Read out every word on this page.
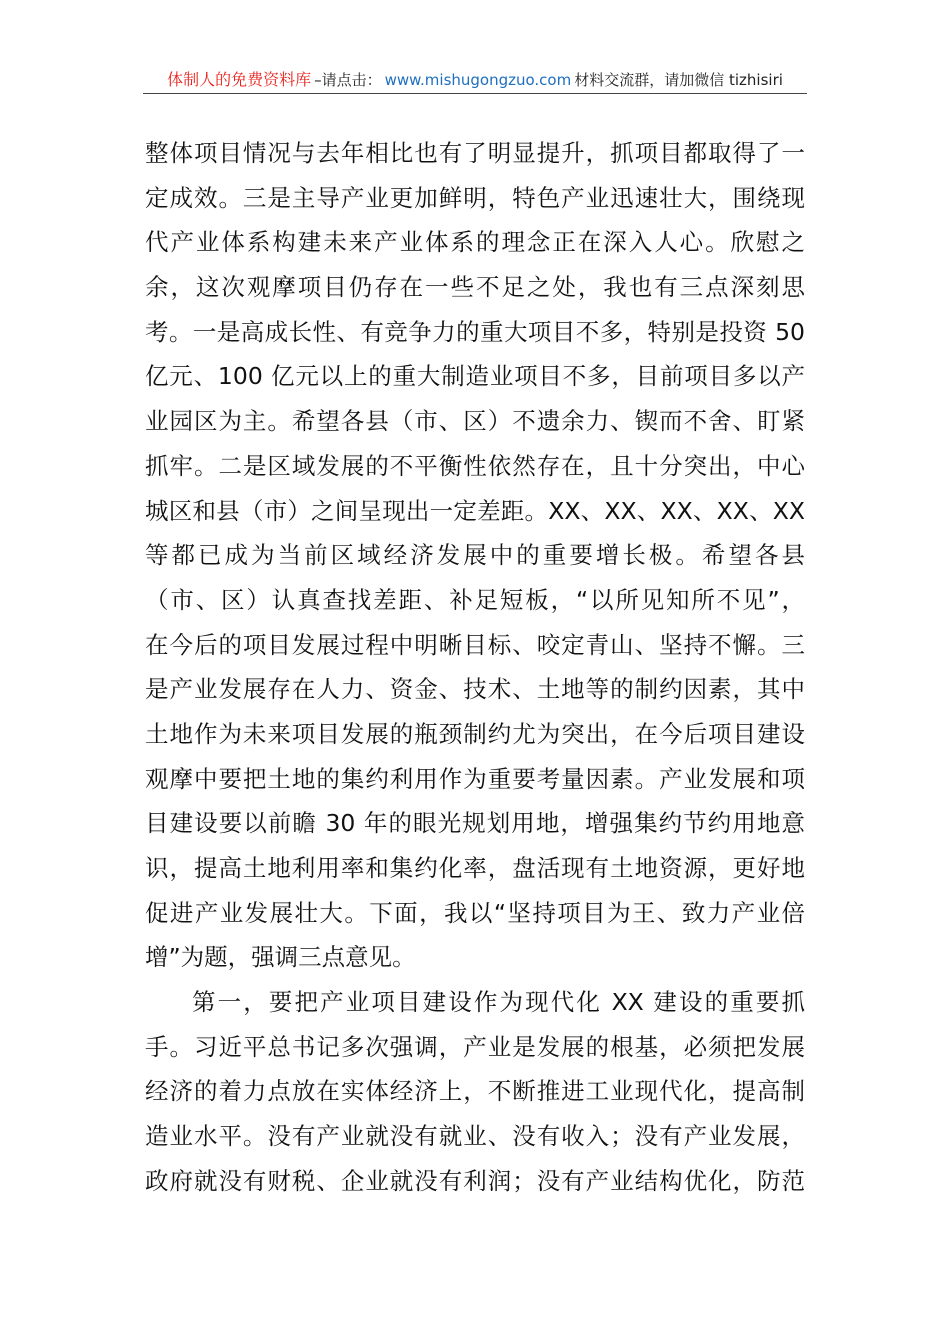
体制人的免费资料库 –请点击： www.mishugongzuo.com 材料交流群，请加微信 tizhisiri
整体项目情况与去年相比也有了明显提升，抓项目都取得了一
定成效。三是主导产业更加鲜明，特色产业迅速壮大，围绕现
代产业体系构建未来产业体系的理念正在深入人心。欣慰之
余，这次观摩项目仍存在一些不足之处，我也有三点深刻思
考。一是高成长性、有竞争力的重大项目不多，特别是投资 50
亿元、100 亿元以上的重大制造业项目不多，目前项目多以产
业园区为主。希望各县（市、区）不遗余力、锲而不舍、盯紧
抓牢。二是区域发展的不平衡性依然存在，且十分突出，中心
城区和县（市）之间呈现出一定差距。XX、XX、XX、XX、XX
等都已成为当前区域经济发展中的重要增长极。希望各县
（市、区）认真查找差距、补足短板，“以所见知所不见”，
在今后的项目发展过程中明晰目标、咬定青山、坚持不懈。三
是产业发展存在人力、资金、技术、土地等的制约因素，其中
土地作为未来项目发展的瓶颈制约尤为突出，在今后项目建设
观摩中要把土地的集约利用作为重要考量因素。产业发展和项
目建设要以前瞻 30 年的眼光规划用地，增强集约节约用地意
识，提高土地利用率和集约化率，盘活现有土地资源，更好地
促进产业发展壮大。下面，我以“坚持项目为王、致力产业倍
增”为题，强调三点意见。
第一，要把产业项目建设作为现代化 XX 建设的重要抓
手。习近平总书记多次强调，产业是发展的根基，必须把发展
经济的着力点放在实体经济上，不断推进工业现代化，提高制
造业水平。没有产业就没有就业、没有收入；没有产业发展，
政府就没有财税、企业就没有利润；没有产业结构优化，防范
